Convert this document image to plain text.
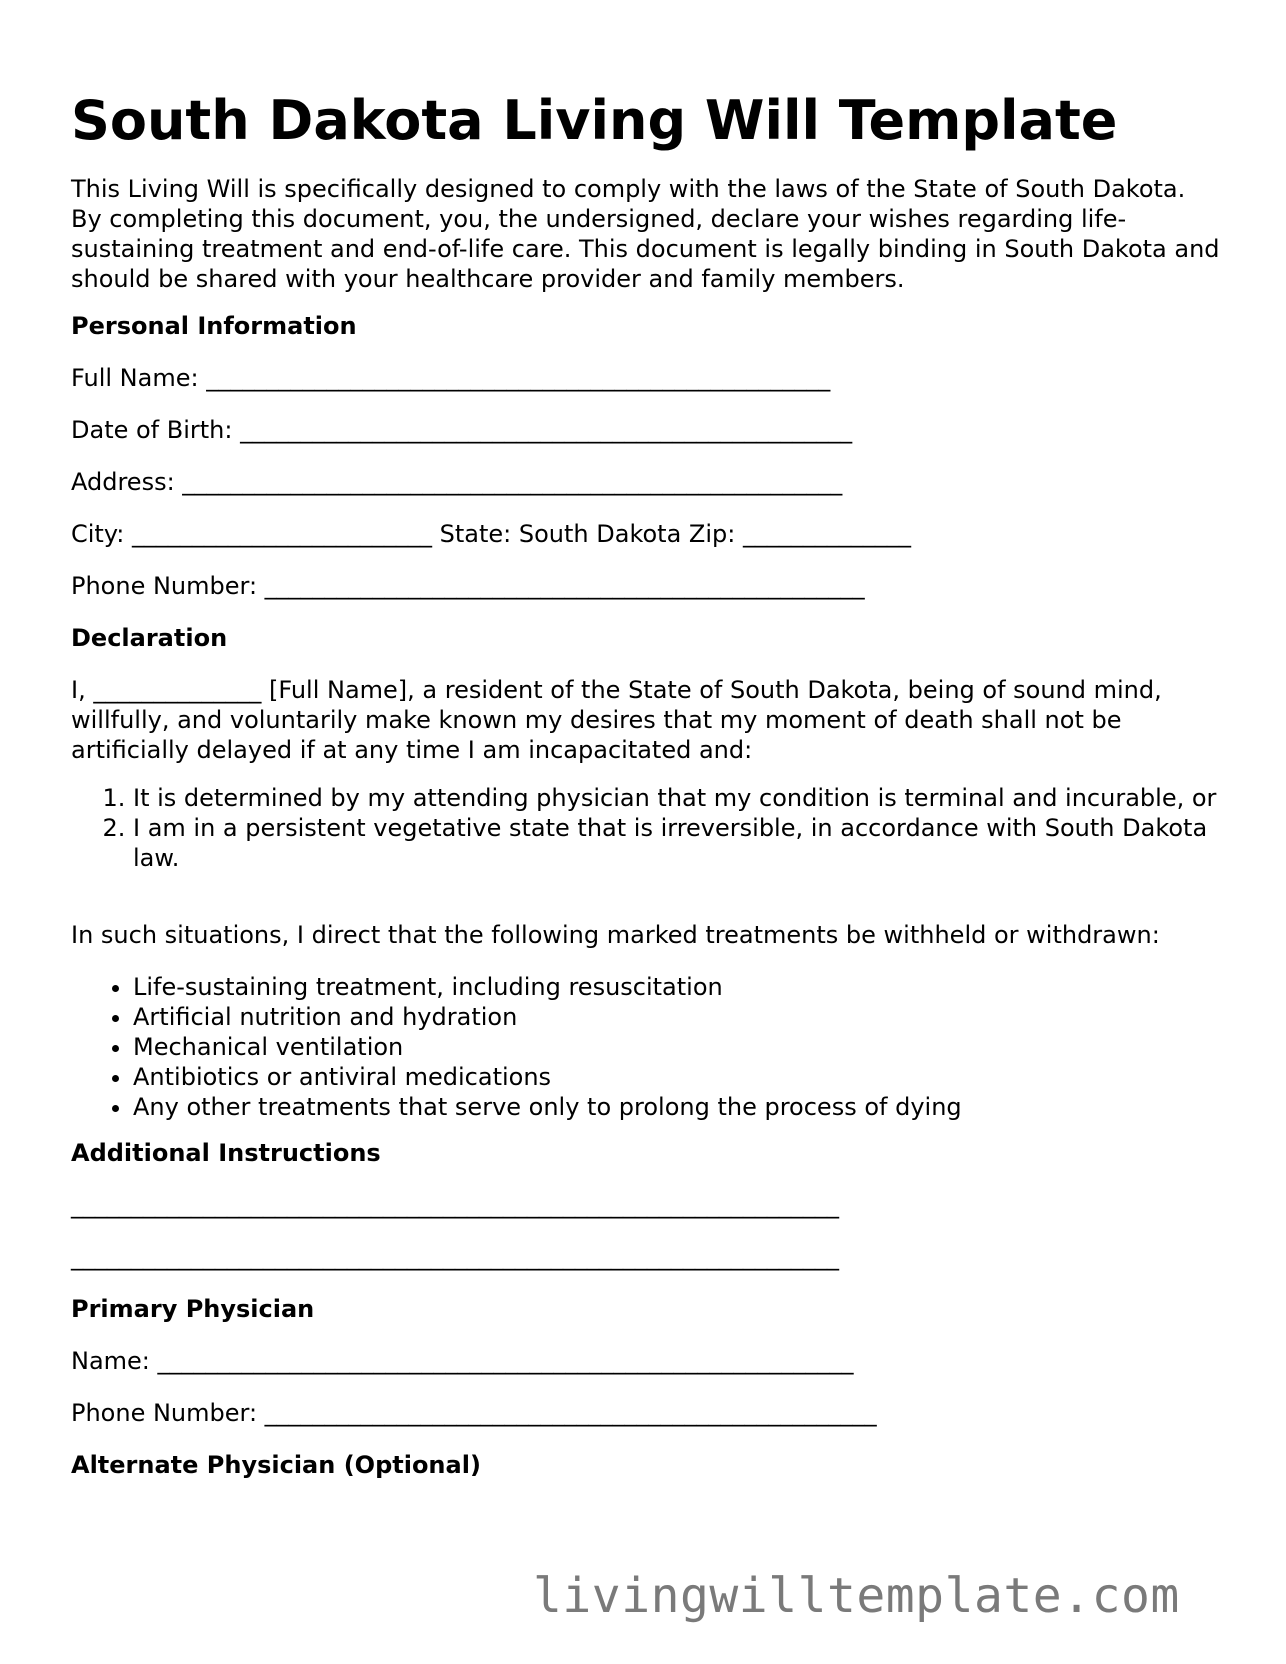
South Dakota Living Will Template

This Living Will is specifically designed to comply with the laws of the State of South Dakota. By completing this document, you, the undersigned, declare your wishes regarding life-sustaining treatment and end-of-life care. This document is legally binding in South Dakota and should be shared with your healthcare provider and family members.

Personal Information

Full Name: ____________________________________________________

Date of Birth: ___________________________________________________

Address: _______________________________________________________

City: _________________________ State: South Dakota Zip: ______________

Phone Number: __________________________________________________

Declaration

I, ______________ [Full Name], a resident of the State of South Dakota, being of sound mind, willfully, and voluntarily make known my desires that my moment of death shall not be artificially delayed if at any time I am incapacitated and:

1. It is determined by my attending physician that my condition is terminal and incurable, or
2. I am in a persistent vegetative state that is irreversible, in accordance with South Dakota law.

In such situations, I direct that the following marked treatments be withheld or withdrawn:

• Life-sustaining treatment, including resuscitation
• Artificial nutrition and hydration
• Mechanical ventilation
• Antibiotics or antiviral medications
• Any other treatments that serve only to prolong the process of dying

Additional Instructions

________________________________________________________________

________________________________________________________________

Primary Physician

Name: __________________________________________________________

Phone Number: ___________________________________________________

Alternate Physician (Optional)

livingwilltemplate.com
